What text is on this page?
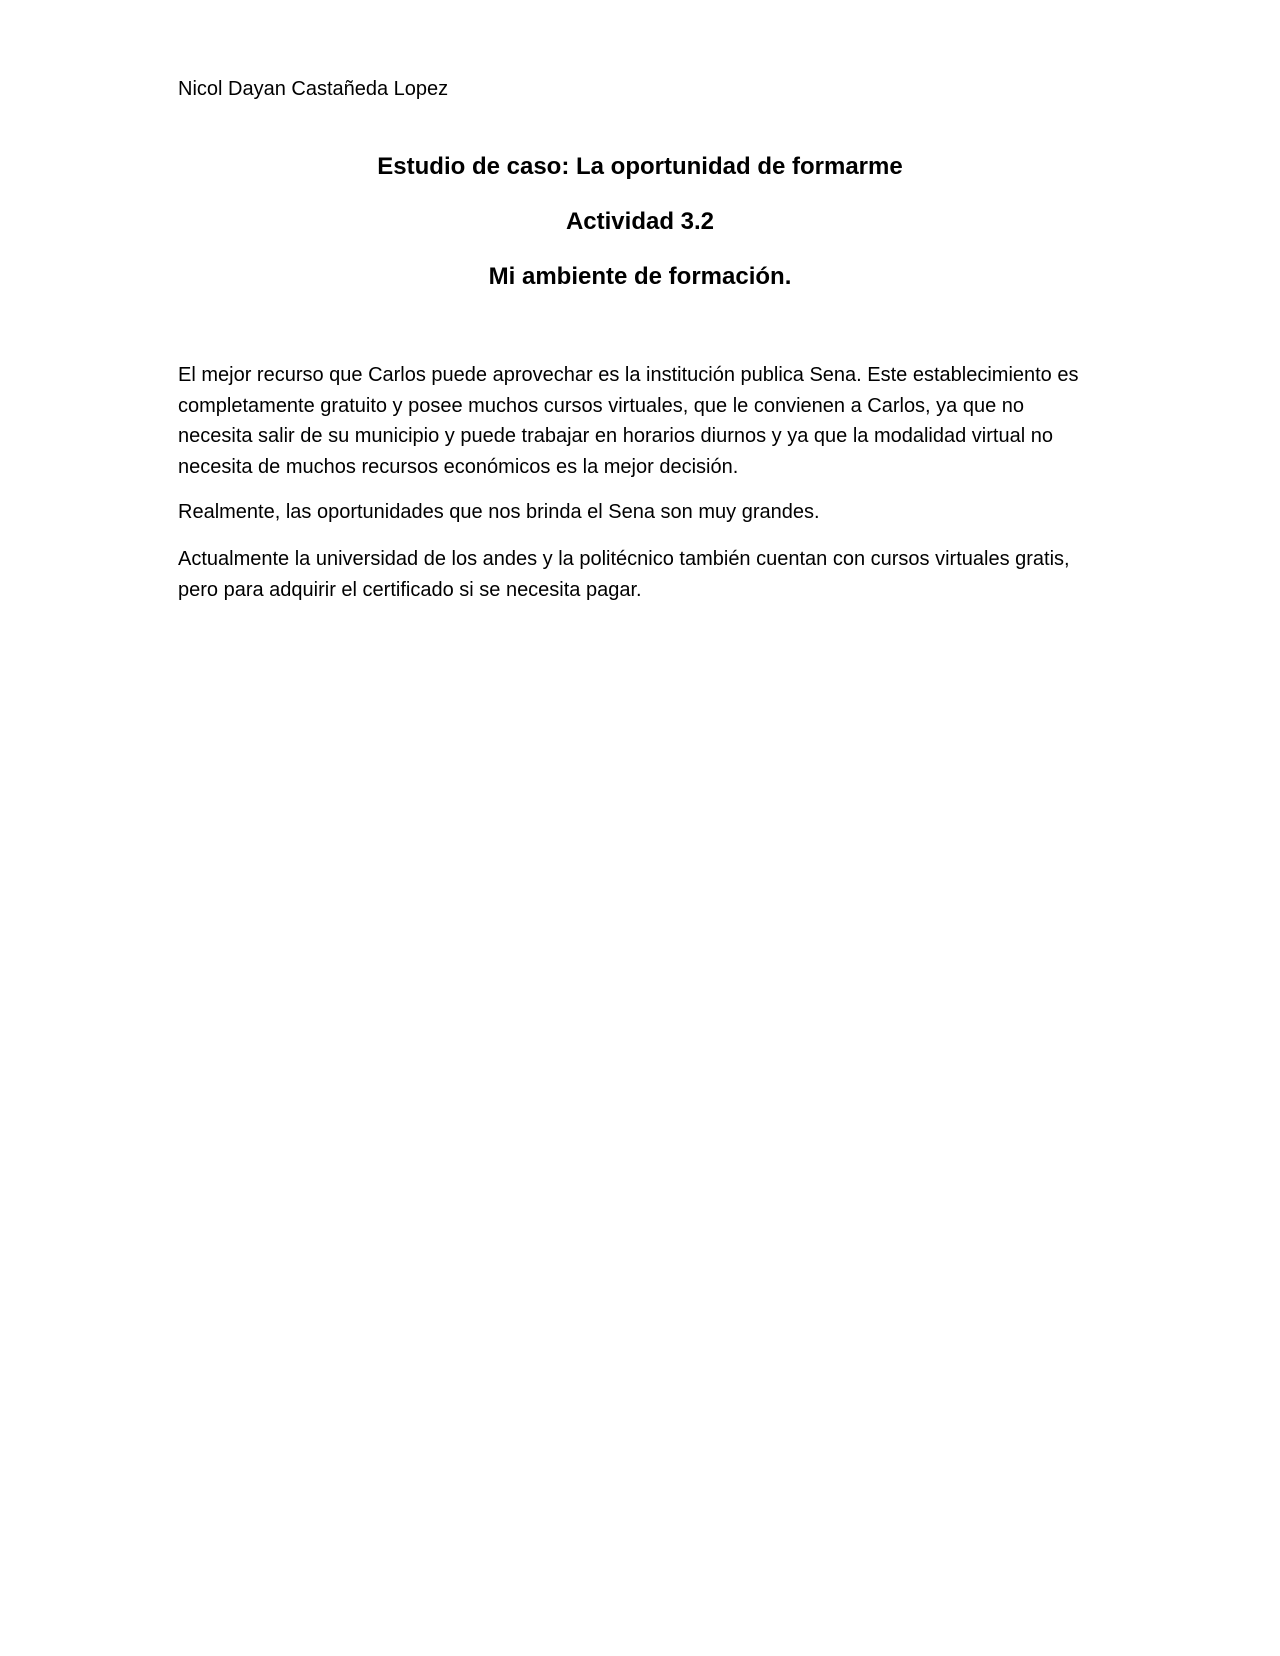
Nicol Dayan Castañeda Lopez
Estudio de caso: La oportunidad de formarme
Actividad 3.2
Mi ambiente de formación.

El mejor recurso que Carlos puede aprovechar es la institución publica Sena. Este establecimiento es completamente gratuito y posee muchos cursos virtuales, que le convienen a Carlos, ya que no necesita salir de su municipio y puede trabajar en horarios diurnos y ya que la modalidad virtual no necesita de muchos recursos económicos es la mejor decisión.

Realmente, las oportunidades que nos brinda el Sena son muy grandes.

Actualmente la universidad de los andes y la politécnico también cuentan con cursos virtuales gratis, pero para adquirir el certificado si se necesita pagar.
